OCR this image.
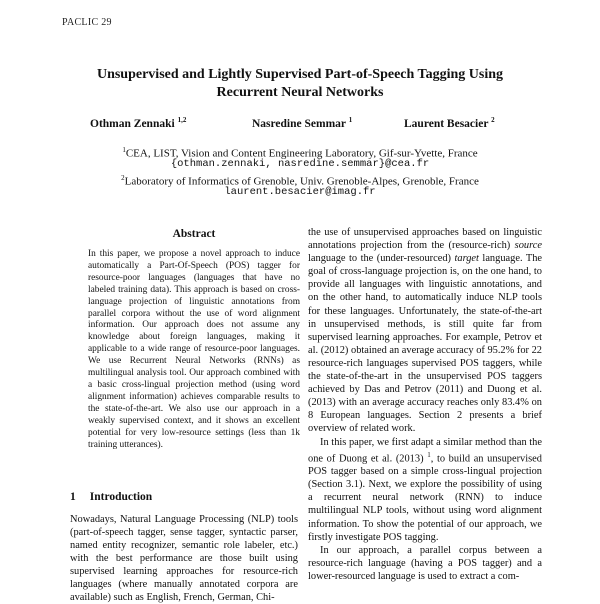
PACLIC 29
Unsupervised and Lightly Supervised Part-of-Speech Tagging Using
Recurrent Neural Networks
Othman Zennaki $^{1,2}$	Nasredine Semmar $^1$	Laurent Besacier $^2$
$^1$CEA, LIST, Vision and Content Engineering Laboratory, Gif-sur-Yvette, France
{othman.zennaki, nasredine.semmar}@cea.fr
$^2$Laboratory of Informatics of Grenoble, Univ. Grenoble-Alpes, Grenoble, France
laurent.besacier@imag.fr
Abstract
In this paper, we propose a novel approach to induce automatically a Part-Of-Speech (POS) tagger for resource-poor languages (languages that have no labeled training data). This approach is based on cross-language projection of linguistic annotations from parallel corpora without the use of word alignment information. Our approach does not assume any knowledge about foreign languages, making it applicable to a wide range of resource-poor languages. We use Recurrent Neural Networks (RNNs) as multilingual analysis tool. Our approach combined with a basic cross-lingual projection method (using word alignment information) achieves comparable results to the state-of-the-art. We also use our approach in a weakly supervised context, and it shows an excellent potential for very low-resource settings (less than 1k training utterances).
1 Introduction
Nowadays, Natural Language Processing (NLP) tools (part-of-speech tagger, sense tagger, syntactic parser, named entity recognizer, semantic role labeler, etc.) with the best performance are those built using supervised learning approaches for resource-rich languages (where manually annotated corpora are available) such as English, French, German, Chi-

the use of unsupervised approaches based on linguistic annotations projection from the (resource-rich) source language to the (under-resourced) target language. The goal of cross-language projection is, on the one hand, to provide all languages with linguistic annotations, and on the other hand, to automatically induce NLP tools for these languages. Unfortunately, the state-of-the-art in unsupervised methods, is still quite far from supervised learning approaches. For example, Petrov et al. (2012) obtained an average accuracy of 95.2% for 22 resource-rich languages supervised POS taggers, while the state-of-the-art in the unsupervised POS taggers achieved by Das and Petrov (2011) and Duong et al. (2013) with an average accuracy reaches only 83.4% on 8 European languages. Section 2 presents a brief overview of related work.

In this paper, we first adapt a similar method than the one of Duong et al. (2013) $^1$, to build an unsupervised POS tagger based on a simple cross-lingual projection (Section 3.1). Next, we explore the possibility of using a recurrent neural network (RNN) to induce multilingual NLP tools, without using word alignment information. To show the potential of our approach, we firstly investigate POS tagging.

In our approach, a parallel corpus between a resource-rich language (having a POS tagger) and a lower-resourced language is used to extract a com-
